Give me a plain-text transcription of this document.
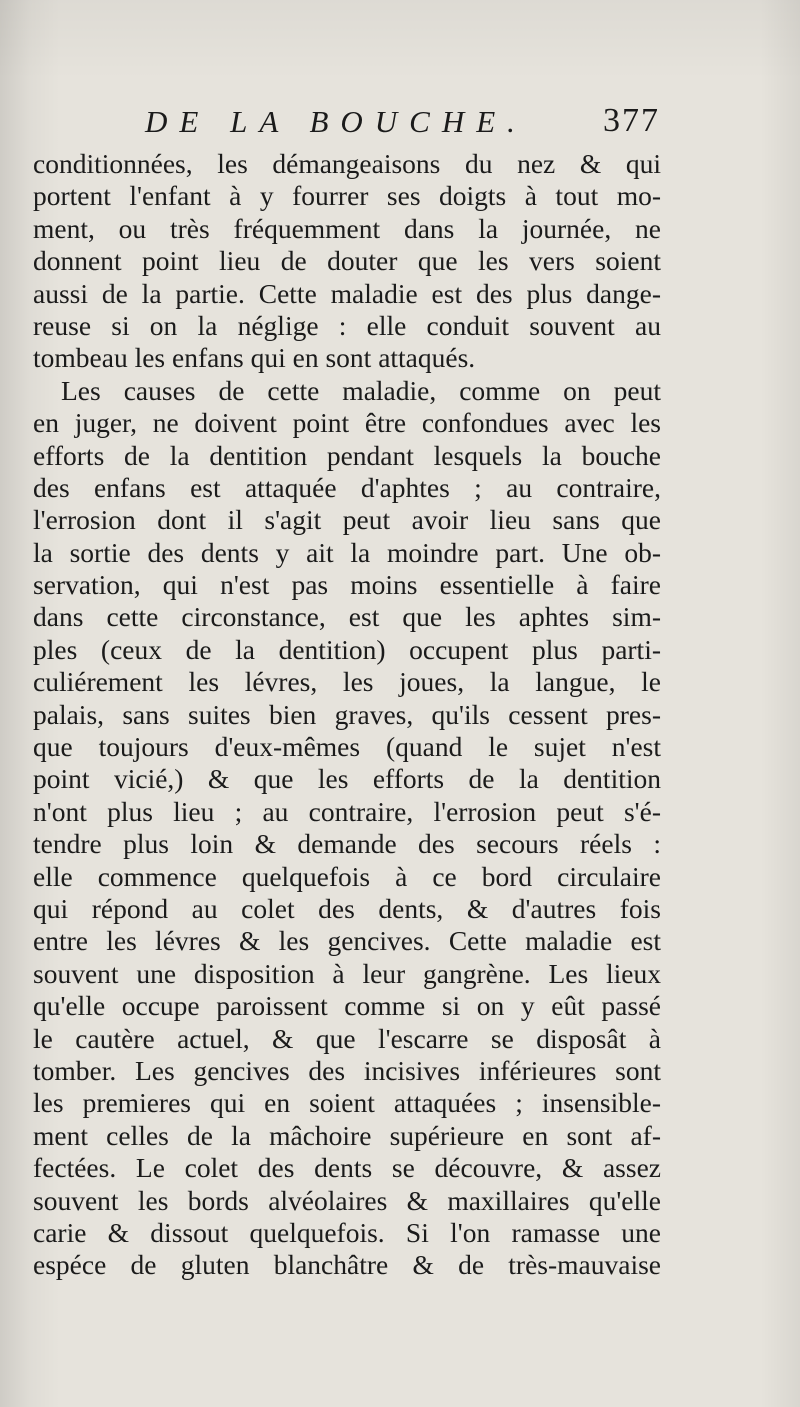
DE LA BOUCHE. 377
conditionnées, les démangeaisons du nez & qui
portent l'enfant à y fourrer ses doigts à tout mo-
ment, ou très fréquemment dans la journée, ne
donnent point lieu de douter que les vers soient
aussi de la partie. Cette maladie est des plus dange-
reuse si on la néglige : elle conduit souvent au
tombeau les enfans qui en sont attaqués.
Les causes de cette maladie, comme on peut
en juger, ne doivent point être confondues avec les
efforts de la dentition pendant lesquels la bouche
des enfans est attaquée d'aphtes ; au contraire,
l'errosion dont il s'agit peut avoir lieu sans que
la sortie des dents y ait la moindre part. Une ob-
servation, qui n'est pas moins essentielle à faire
dans cette circonstance, est que les aphtes sim-
ples (ceux de la dentition) occupent plus parti-
culiérement les lévres, les joues, la langue, le
palais, sans suites bien graves, qu'ils cessent pres-
que toujours d'eux-mêmes (quand le sujet n'est
point vicié,) & que les efforts de la dentition
n'ont plus lieu ; au contraire, l'errosion peut s'é-
tendre plus loin & demande des secours réels :
elle commence quelquefois à ce bord circulaire
qui répond au colet des dents, & d'autres fois
entre les lévres & les gencives. Cette maladie est
souvent une disposition à leur gangrène. Les lieux
qu'elle occupe paroissent comme si on y eût passé
le cautère actuel, & que l'escarre se disposât à
tomber. Les gencives des incisives inférieures sont
les premieres qui en soient attaquées ; insensible-
ment celles de la mâchoire supérieure en sont af-
fectées. Le colet des dents se découvre, & assez
souvent les bords alvéolaires & maxillaires qu'elle
carie & dissout quelquefois. Si l'on ramasse une
espéce de gluten blanchâtre & de très-mauvaise
